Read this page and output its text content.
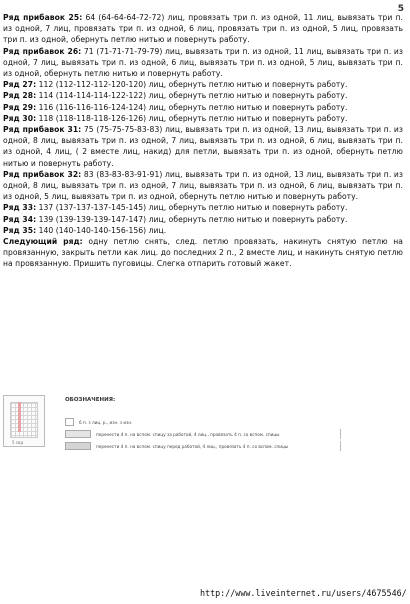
5

Ряд прибавок 25: 64 (64-64-64-72-72) лиц, провязать три п. из одной, 11 лиц, вывязать три п. из одной, 7 лиц, провязать три п. из одной, 6 лиц, провязать три п. из одной, 5 лиц, провязать три п. из одной, обернуть петлю нитью и повернуть работу.

Ряд прибавок 26: 71 (71-71-71-79-79) лиц, вывязать три п. из одной, 11 лиц, вывязать три п. из одной, 7 лиц, вывязать три п. из одной, 6 лиц, вывязать три п. из одной, 5 лиц, вывязать три п. из одной, обернуть петлю нитью и повернуть работу.

Ряд 27: 112 (112-112-112-120-120) лиц, обернуть петлю нитью и повернуть работу.

Ряд 28: 114 (114-114-114-122-122) лиц, обернуть петлю нитью и повернуть работу.

Ряд 29: 116 (116-116-116-124-124) лиц, обернуть петлю нитью и повернуть работу.

Ряд 30: 118 (118-118-118-126-126) лиц, обернуть петлю нитью и повернуть работу.

Ряд прибавок 31: 75 (75-75-75-83-83) лиц, вывязать три п. из одной, 13 лиц, вывязать три п. из одной, 8 лиц, вывязать три п. из одной, 7 лиц, вывязать три п. из одной, 6 лиц, вывязать три п. из одной, 4 лиц, ( 2 вместе лиц, накид) для петли, вывязать три п. из одной, обернуть петлю нитью и повернуть работу.

Ряд прибавок 32: 83 (83-83-83-91-91) лиц, вывязать три п. из одной, 13 лиц, вывязать три п. из одной, 8 лиц, вывязать три п. из одной, 7 лиц, вывязать три п. из одной, 6 лиц, вывязать три п. из одной, 5 лиц, вывязать три п. из одной, обернуть петлю нитью и повернуть работу.

Ряд 33: 137 (137-137-137-145-145) лиц, обернуть петлю нитью и повернуть работу.

Ряд 34: 139 (139-139-139-147-147) лиц, обернуть петлю нитью и повернуть работу.

Ряд 35: 140 (140-140-140-156-156) лиц.

Следующий ряд: одну петлю снять, след. петлю провязать, накинуть снятую петлю на провязанную, закрыть петли как лиц. до последних 2 п., 2 вместе лиц, и накинуть снятую петлю на провязанную. Пришить пуговицы. Слегка отпарить готовый жакет.

5 свд
ОБОЗНАЧЕНИЯ:
6 п. з лиц. р., изн. з изн.
перенести 4 п. на вспом. спицу за работой, 4 лиц., провязать 4 п. со вспом. спицы
перенести 4 п. на вспом. спицу перед работой, 4 лиц., провязать 4 п. со вспом. спицы
http://www.liveinternet.ru/users/4675546/
